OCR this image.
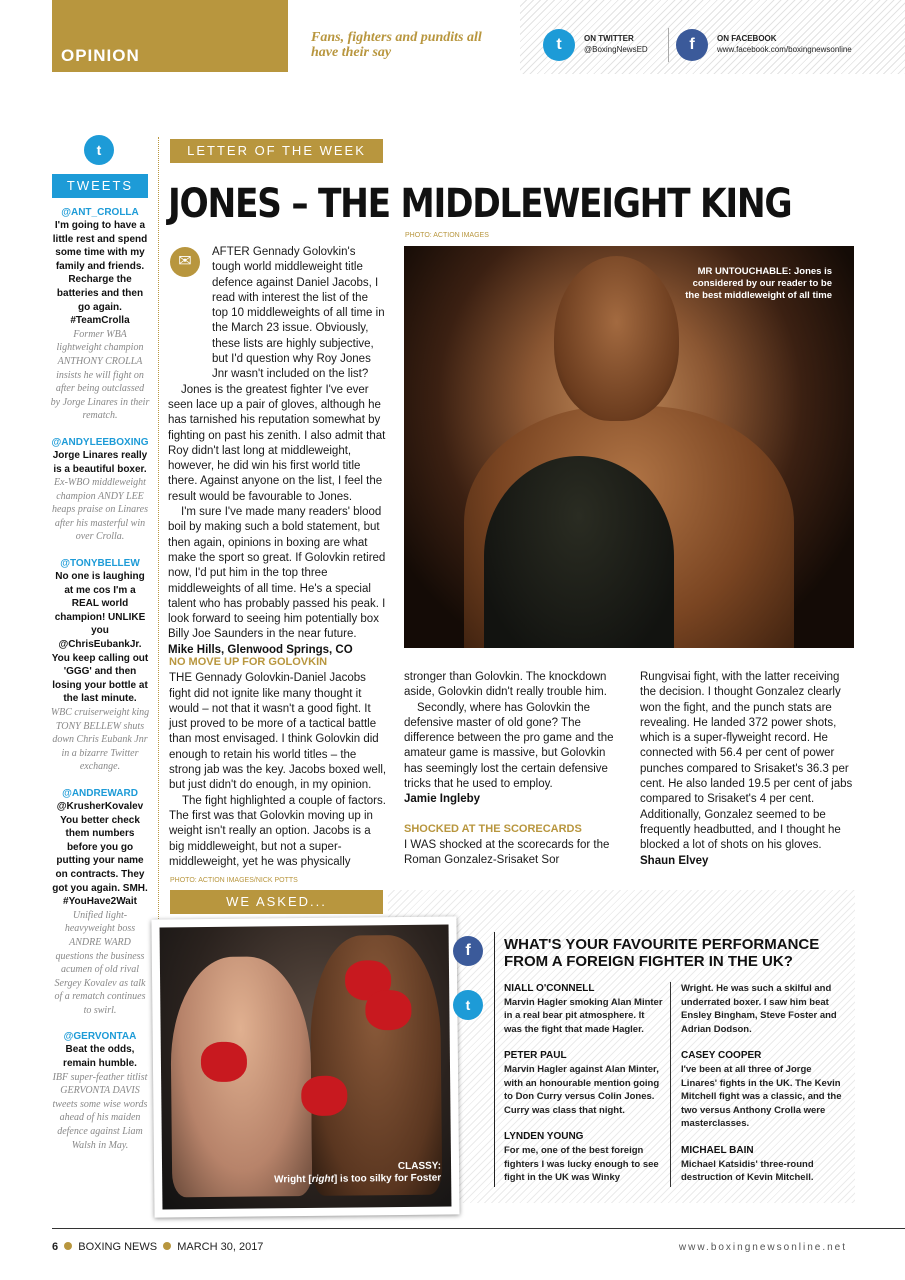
OPINION
Fans, fighters and pundits all have their say	t	ON TWITTER
@BoxingNewsED	f	ON FACEBOOK
www.facebook.com/boxingnewsonline
t
TWEETS
@ANT_CROLLA
I'm going to have a little rest and spend some time with my family and friends. Recharge the batteries and then go again. #TeamCrolla
Former WBA lightweight champion ANTHONY CROLLA insists he will fight on after being outclassed by Jorge Linares in their rematch.
@ANDYLEEBOXING
Jorge Linares really is a beautiful boxer.
Ex-WBO middleweight champion ANDY LEE heaps praise on Linares after his masterful win over Crolla.
@TONYBELLEW
No one is laughing at me cos I'm a REAL world champion! UNLIKE you @ChrisEubankJr. You keep calling out 'GGG' and then losing your bottle at the last minute.
WBC cruiserweight king TONY BELLEW shuts down Chris Eubank Jnr in a bizarre Twitter exchange.
@ANDREWARD
@KrusherKovalev You better check them numbers before you go putting your name on contracts. They got you again. SMH. #YouHave2Wait
Unified light-heavyweight boss ANDRE WARD questions the business acumen of old rival Sergey Kovalev as talk of a rematch continues to swirl.
@GERVONTAA
Beat the odds, remain humble.
IBF super-feather titlist GERVONTA DAVIS tweets some wise words ahead of his maiden defence against Liam Walsh in May.
LETTER OF THE WEEK
JONES – THE MIDDLEWEIGHT KING
PHOTO: ACTION IMAGES
✉

AFTER Gennady Golovkin's tough world middleweight title defence against Daniel Jacobs, I read with interest the list of the top 10 middleweights of all time in the March 23 issue. Obviously, these lists are highly subjective, but I'd question why Roy Jones Jnr wasn't included on the list?

Jones is the greatest fighter I've ever seen lace up a pair of gloves, although he has tarnished his reputation somewhat by fighting on past his zenith. I also admit that Roy didn't last long at middleweight, however, he did win his first world title there. Against anyone on the list, I feel the result would be favourable to Jones.

I'm sure I've made many readers' blood boil by making such a bold statement, but then again, opinions in boxing are what make the sport so great. If Golovkin retired now, I'd put him in the top three middleweights of all time. He's a special talent who has probably passed his peak. I look forward to seeing him potentially box Billy Joe Saunders in the near future.

Mike Hills, Glenwood Springs, CO

MR UNTOUCHABLE: Jones is considered by our reader to be the best middleweight of all time
NO MOVE UP FOR GOLOVKIN

THE Gennady Golovkin-Daniel Jacobs fight did not ignite like many thought it would – not that it wasn't a good fight. It just proved to be more of a tactical battle than most envisaged. I think Golovkin did enough to retain his world titles – the strong jab was the key. Jacobs boxed well, but just didn't do enough, in my opinion.

The fight highlighted a couple of factors. The first was that Golovkin moving up in weight isn't really an option. Jacobs is a big middleweight, but not a super-middleweight, yet he was physically

stronger than Golovkin. The knockdown aside, Golovkin didn't really trouble him.

Secondly, where has Golovkin the defensive master of old gone? The difference between the pro game and the amateur game is massive, but Golovkin has seemingly lost the certain defensive tricks that he used to employ.

Jamie Ingleby

SHOCKED AT THE SCORECARDS

I WAS shocked at the scorecards for the Roman Gonzalez-Srisaket Sor

Rungvisai fight, with the latter receiving the decision. I thought Gonzalez clearly won the fight, and the punch stats are revealing. He landed 372 power shots, which is a super-flyweight record. He connected with 56.4 per cent of power punches compared to Srisaket's 36.3 per cent. He also landed 19.5 per cent of jabs compared to Srisaket's 4 per cent. Additionally, Gonzalez seemed to be frequently headbutted, and I thought he blocked a lot of shots on his gloves.

Shaun Elvey

PHOTO: ACTION IMAGES/NICK POTTS
WE ASKED...
CLASSY:
Wright [right] is too silky for Foster
f
t
WHAT'S YOUR FAVOURITE PERFORMANCE FROM A FOREIGN FIGHTER IN THE UK?
NIALL O'CONNELL
Marvin Hagler smoking Alan Minter in a real bear pit atmosphere. It was the fight that made Hagler.
PETER PAUL
Marvin Hagler against Alan Minter, with an honourable mention going to Don Curry versus Colin Jones. Curry was class that night.
LYNDEN YOUNG
For me, one of the best foreign fighters I was lucky enough to see fight in the UK was Winky
Wright. He was such a skilful and underrated boxer. I saw him beat Ensley Bingham, Steve Foster and Adrian Dodson.
CASEY COOPER
I've been at all three of Jorge Linares' fights in the UK. The Kevin Mitchell fight was a classic, and the two versus Anthony Crolla were masterclasses.
MICHAEL BAIN
Michael Katsidis' three-round destruction of Kevin Mitchell.
6 BOXING NEWS MARCH 30, 2017	www.boxingnewsonline.net
